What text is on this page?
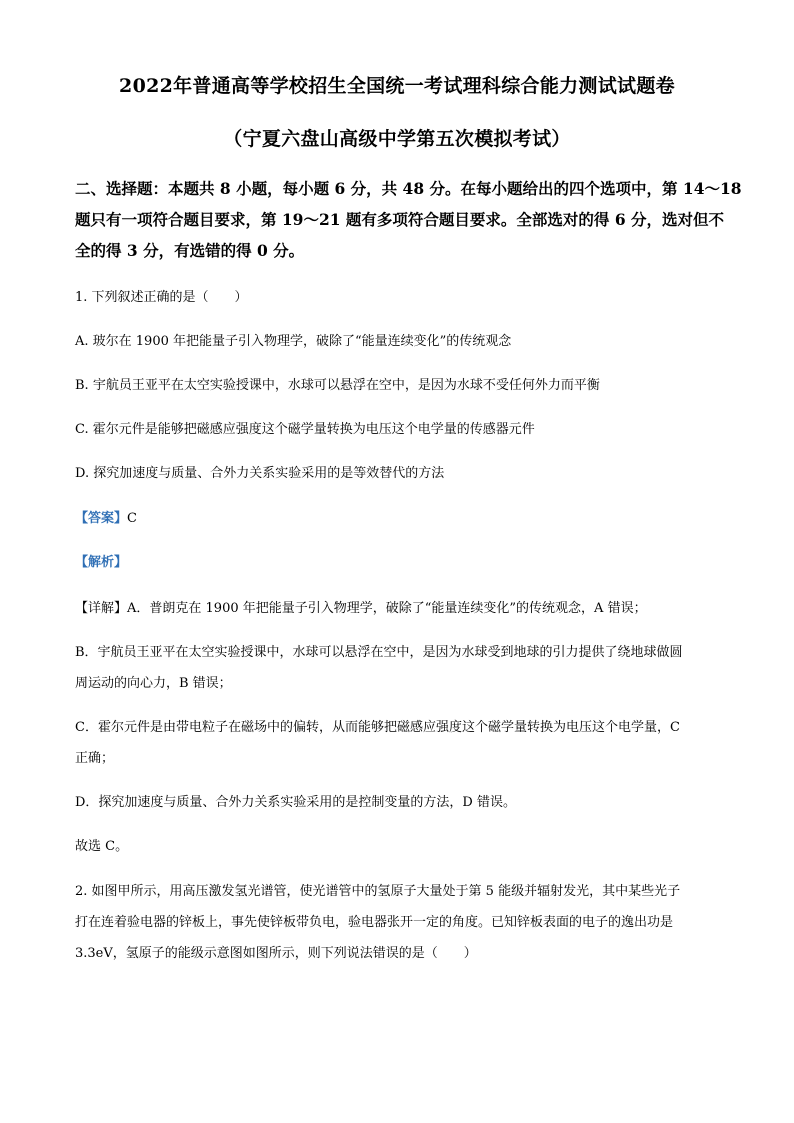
2022年普通高等学校招生全国统一考试理科综合能力测试试题卷
（宁夏六盘山高级中学第五次模拟考试）
二、选择题：本题共 8 小题，每小题 6 分，共 48 分。在每小题给出的四个选项中，第 14～18
题只有一项符合题目要求，第 19～21 题有多项符合题目要求。全部选对的得 6 分，选对但不
全的得 3 分，有选错的得 0 分。
1. 下列叙述正确的是（　　）
A. 玻尔在 1900 年把能量子引入物理学，破除了“能量连续变化”的传统观念
B. 宇航员王亚平在太空实验授课中，水球可以悬浮在空中，是因为水球不受任何外力而平衡
C. 霍尔元件是能够把磁感应强度这个磁学量转换为电压这个电学量的传感器元件
D. 探究加速度与质量、合外力关系实验采用的是等效替代的方法
【答案】C
【解析】
【详解】A．普朗克在 1900 年把能量子引入物理学，破除了“能量连续变化”的传统观念，A 错误；
B．宇航员王亚平在太空实验授课中，水球可以悬浮在空中，是因为水球受到地球的引力提供了绕地球做圆
周运动的向心力，B 错误；
C．霍尔元件是由带电粒子在磁场中的偏转，从而能够把磁感应强度这个磁学量转换为电压这个电学量，C
正确；
D．探究加速度与质量、合外力关系实验采用的是控制变量的方法，D 错误。
故选 C。
2. 如图甲所示，用高压激发氢光谱管，使光谱管中的氢原子大量处于第 5 能级并辐射发光，其中某些光子
打在连着验电器的锌板上，事先使锌板带负电，验电器张开一定的角度。已知锌板表面的电子的逸出功是
3.3eV，氢原子的能级示意图如图所示，则下列说法错误的是（　　）
